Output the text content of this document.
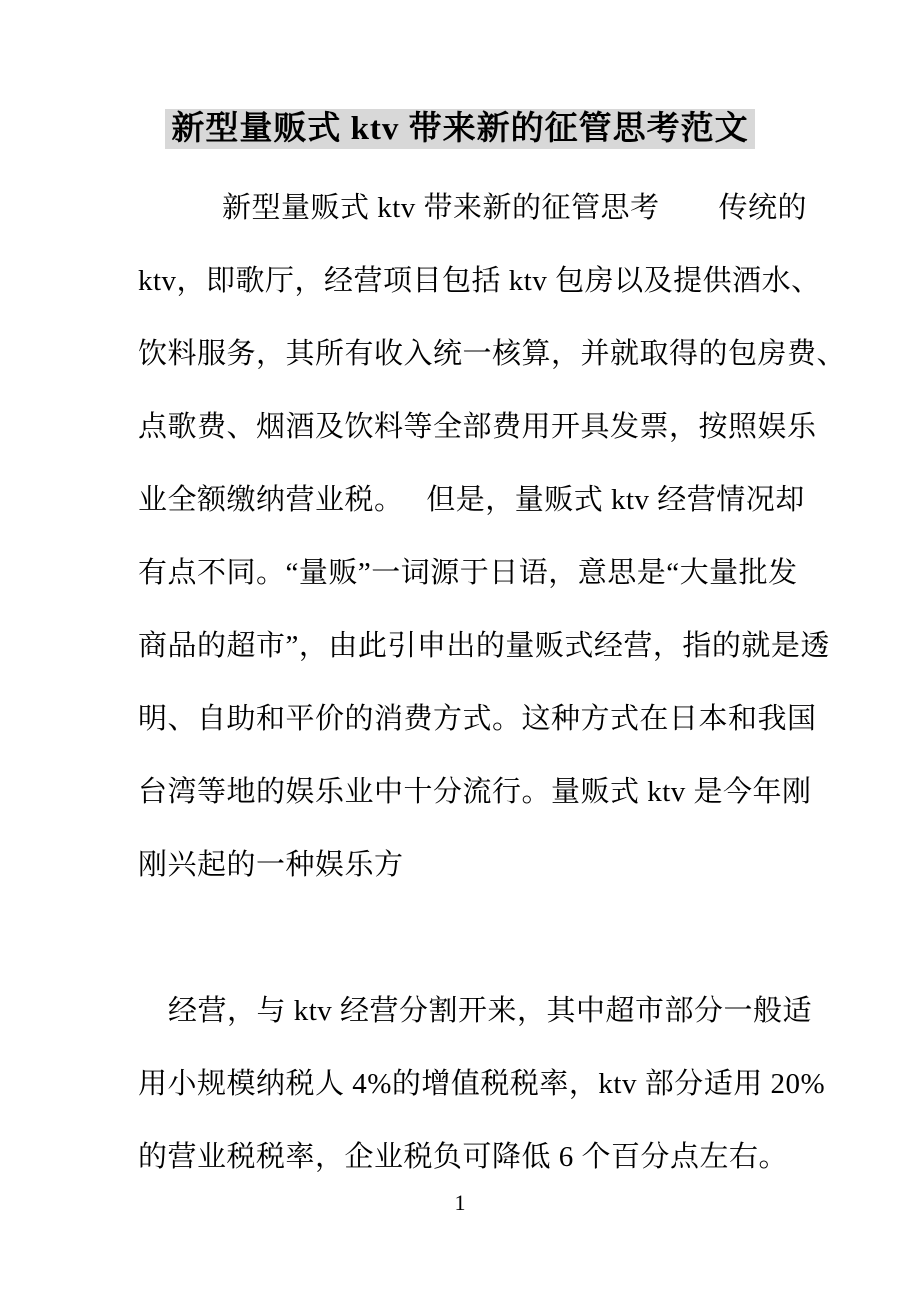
新型量贩式 ktv 带来新的征管思考范文
新型量贩式 ktv 带来新的征管思考　　传统的
ktv，即歌厅，经营项目包括 ktv 包房以及提供酒水、
饮料服务，其所有收入统一核算，并就取得的包房费、
点歌费、烟酒及饮料等全部费用开具发票，按照娱乐
业全额缴纳营业税。　 但是，量贩式 ktv 经营情况却
有点不同。“量贩”一词源于日语，意思是“大量批发
商品的超市”，由此引申出的量贩式经营，指的就是透
明、自助和平价的消费方式。这种方式在日本和我国
台湾等地的娱乐业中十分流行。量贩式 ktv 是今年刚
刚兴起的一种娱乐方
经营，与 ktv 经营分割开来，其中超市部分一般适
用小规模纳税人 4%的增值税税率，ktv 部分适用 20%
的营业税税率，企业税负可降低 6 个百分点左右。
1
